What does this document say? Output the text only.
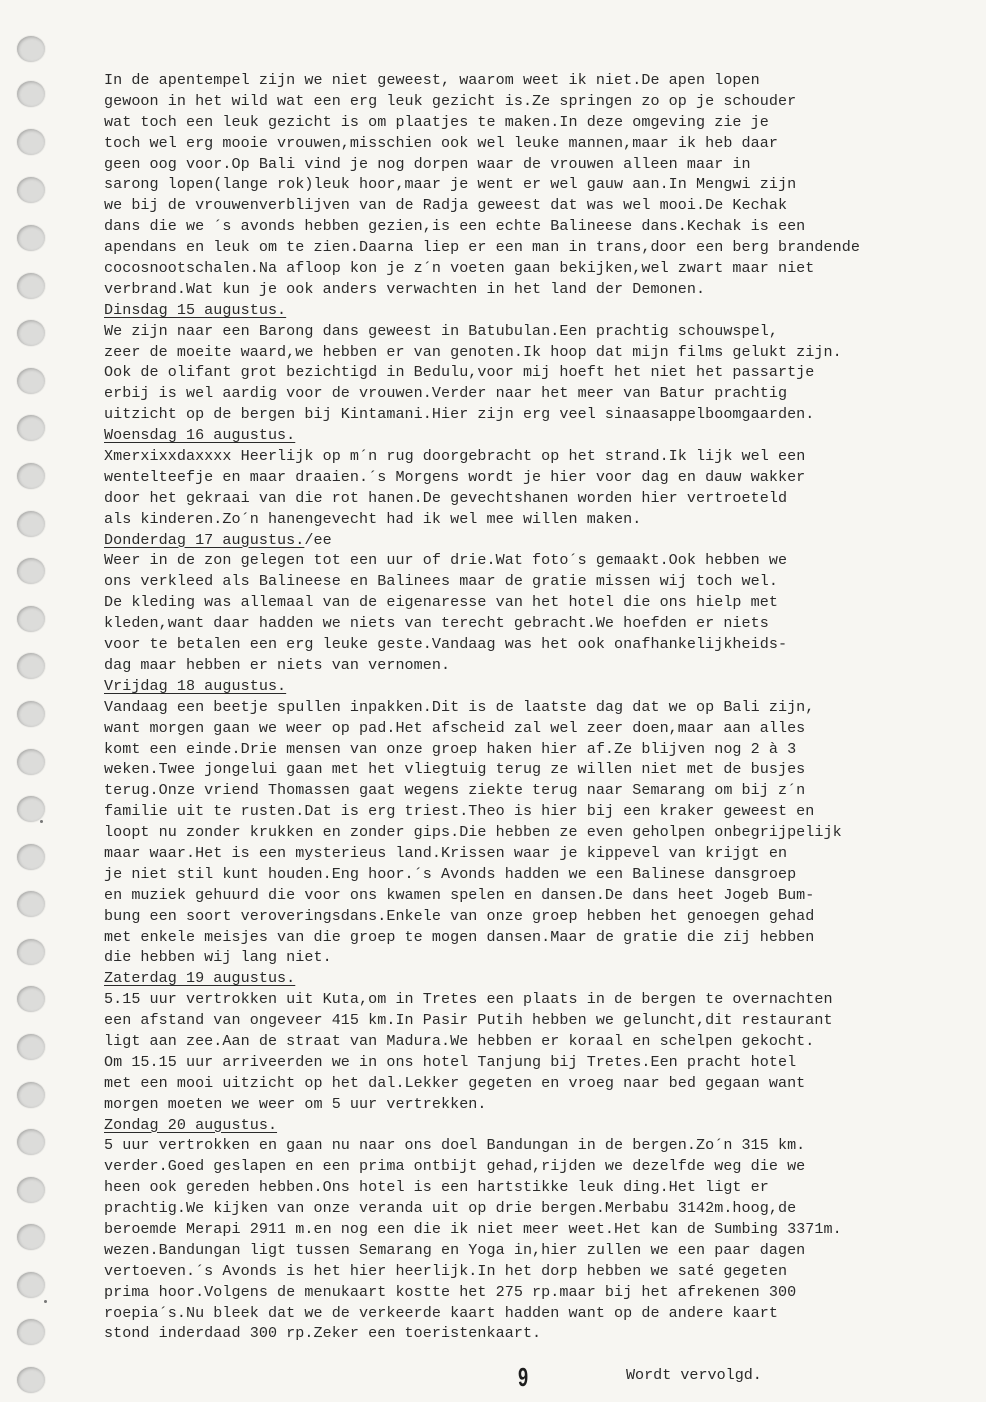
In de apentempel zijn we niet geweest, waarom weet ik niet.De apen lopen
gewoon in het wild wat een erg leuk gezicht is.Ze springen zo op je schouder
wat toch een leuk gezicht is om plaatjes te maken.In deze omgeving zie je
toch wel erg mooie vrouwen,misschien ook wel leuke mannen,maar ik heb daar
geen oog voor.Op Bali vind je nog dorpen waar de vrouwen alleen maar in
sarong lopen(lange rok)leuk hoor,maar je went er wel gauw aan.In Mengwi zijn
we bij de vrouwenverblijven van de Radja geweest dat was wel mooi.De Kechak
dans die we ´s avonds hebben gezien,is een echte Balineese dans.Kechak is een
apendans en leuk om te zien.Daarna liep er een man in trans,door een berg brandende
cocosnootschalen.Na afloop kon je z´n voeten gaan bekijken,wel zwart maar niet
verbrand.Wat kun je ook anders verwachten in het land der Demonen.
Dinsdag 15 augustus.
We zijn naar een Barong dans geweest in Batubulan.Een prachtig schouwspel,
zeer de moeite waard,we hebben er van genoten.Ik hoop dat mijn films gelukt zijn.
Ook de olifant grot bezichtigd in Bedulu,voor mij hoeft het niet het passartje
erbij is wel aardig voor de vrouwen.Verder naar het meer van Batur prachtig
uitzicht op de bergen bij Kintamani.Hier zijn erg veel sinaasappelboomgaarden.
Woensdag 16 augustus.
Xmerxixxdaxxxx Heerlijk op m´n rug doorgebracht op het strand.Ik lijk wel een
wentelteefje en maar draaien.´s Morgens wordt je hier voor dag en dauw wakker
door het gekraai van die rot hanen.De gevechtshanen worden hier vertroeteld
als kinderen.Zo´n hanengevecht had ik wel mee willen maken.
Donderdag 17 augustus./ee
Weer in de zon gelegen tot een uur of drie.Wat foto´s gemaakt.Ook hebben we
ons verkleed als Balineese en Balinees maar de gratie missen wij toch wel.
De kleding was allemaal van de eigenaresse van het hotel die ons hielp met
kleden,want daar hadden we niets van terecht gebracht.We hoefden er niets
voor te betalen een erg leuke geste.Vandaag was het ook onafhankelijkheids-
dag maar hebben er niets van vernomen.
Vrijdag 18 augustus.
Vandaag een beetje spullen inpakken.Dit is de laatste dag dat we op Bali zijn,
want morgen gaan we weer op pad.Het afscheid zal wel zeer doen,maar aan alles
komt een einde.Drie mensen van onze groep haken hier af.Ze blijven nog 2 à 3
weken.Twee jongelui gaan met het vliegtuig terug ze willen niet met de busjes
terug.Onze vriend Thomassen gaat wegens ziekte terug naar Semarang om bij z´n
familie uit te rusten.Dat is erg triest.Theo is hier bij een kraker geweest en
loopt nu zonder krukken en zonder gips.Die hebben ze even geholpen onbegrijpelijk
maar waar.Het is een mysterieus land.Krissen waar je kippevel van krijgt en
je niet stil kunt houden.Eng hoor.´s Avonds hadden we een Balinese dansgroep
en muziek gehuurd die voor ons kwamen spelen en dansen.De dans heet Jogeb Bum-
bung een soort veroveringsdans.Enkele van onze groep hebben het genoegen gehad
met enkele meisjes van die groep te mogen dansen.Maar de gratie die zij hebben
die hebben wij lang niet.
Zaterdag 19 augustus.
5.15 uur vertrokken uit Kuta,om in Tretes een plaats in de bergen te overnachten
een afstand van ongeveer 415 km.In Pasir Putih hebben we geluncht,dit restaurant
ligt aan zee.Aan de straat van Madura.We hebben er koraal en schelpen gekocht.
Om 15.15 uur arriveerden we in ons hotel Tanjung bij Tretes.Een pracht hotel
met een mooi uitzicht op het dal.Lekker gegeten en vroeg naar bed gegaan want
morgen moeten we weer om 5 uur vertrekken.
Zondag 20 augustus.
5 uur vertrokken en gaan nu naar ons doel Bandungan in de bergen.Zo´n 315 km.
verder.Goed geslapen en een prima ontbijt gehad,rijden we dezelfde weg die we
heen ook gereden hebben.Ons hotel is een hartstikke leuk ding.Het ligt er
prachtig.We kijken van onze veranda uit op drie bergen.Merbabu 3142m.hoog,de
beroemde Merapi 2911 m.en nog een die ik niet meer weet.Het kan de Sumbing 3371m.
wezen.Bandungan ligt tussen Semarang en Yoga in,hier zullen we een paar dagen
vertoeven.´s Avonds is het hier heerlijk.In het dorp hebben we saté gegeten
prima hoor.Volgens de menukaart kostte het 275 rp.maar bij het afrekenen 300
roepia´s.Nu bleek dat we de verkeerde kaart hadden want op de andere kaart
stond inderdaad 300 rp.Zeker een toeristenkaart.
9	Wordt vervolgd.
